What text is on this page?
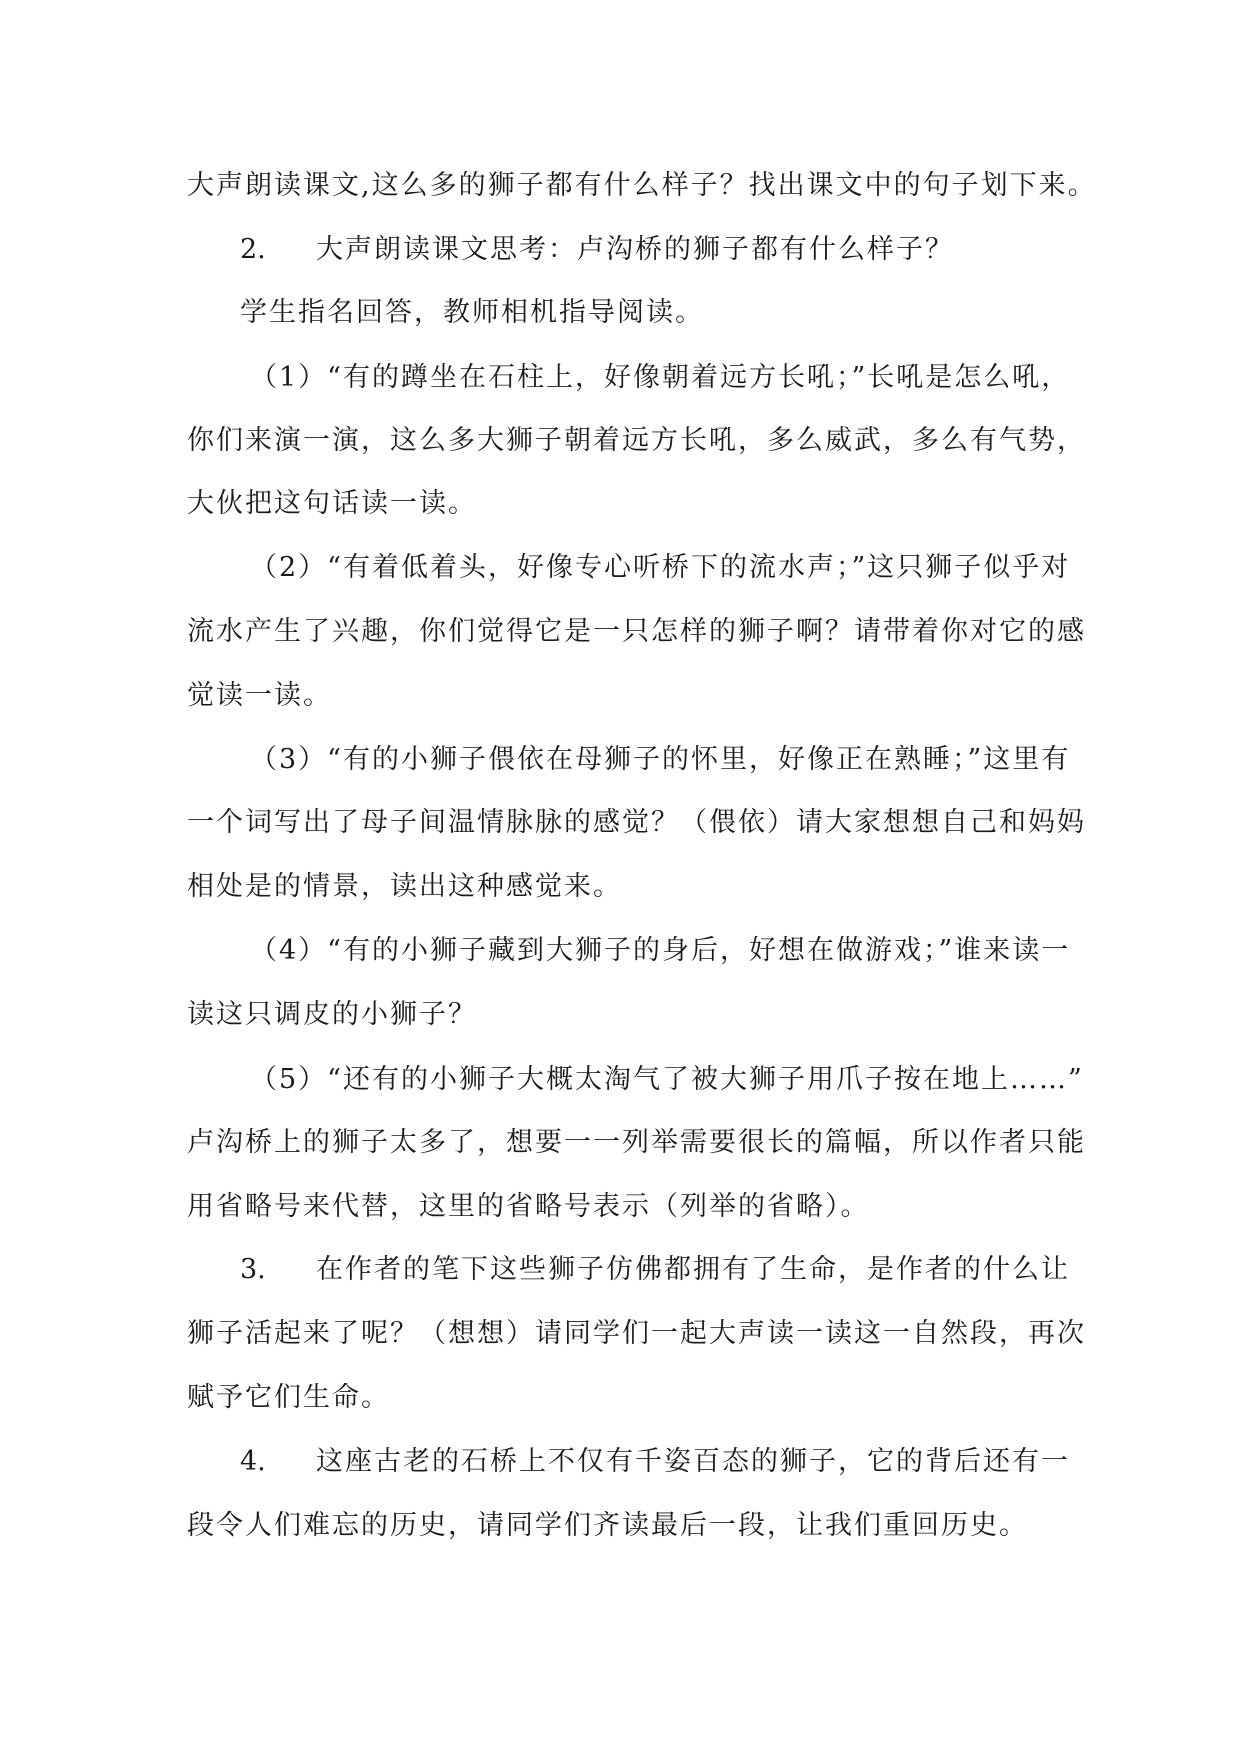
大声朗读课文,这么多的狮子都有什么样子？找出课文中的句子划下来。
2. 大声朗读课文思考：卢沟桥的狮子都有什么样子？
学生指名回答，教师相机指导阅读。
（1）“有的蹲坐在石柱上，好像朝着远方长吼；”长吼是怎么吼，
你们来演一演，这么多大狮子朝着远方长吼，多么威武，多么有气势，
大伙把这句话读一读。
（2）“有着低着头，好像专心听桥下的流水声；”这只狮子似乎对
流水产生了兴趣，你们觉得它是一只怎样的狮子啊？请带着你对它的感
觉读一读。
（3）“有的小狮子偎依在母狮子的怀里，好像正在熟睡；”这里有
一个词写出了母子间温情脉脉的感觉？（偎依）请大家想想自己和妈妈
相处是的情景，读出这种感觉来。
（4）“有的小狮子藏到大狮子的身后，好想在做游戏；”谁来读一
读这只调皮的小狮子？
（5）“还有的小狮子大概太淘气了被大狮子用爪子按在地上……”
卢沟桥上的狮子太多了，想要一一列举需要很长的篇幅，所以作者只能
用省略号来代替，这里的省略号表示（列举的省略）。
3. 在作者的笔下这些狮子仿佛都拥有了生命，是作者的什么让
狮子活起来了呢？（想想）请同学们一起大声读一读这一自然段，再次
赋予它们生命。
4. 这座古老的石桥上不仅有千姿百态的狮子，它的背后还有一
段令人们难忘的历史，请同学们齐读最后一段，让我们重回历史。
